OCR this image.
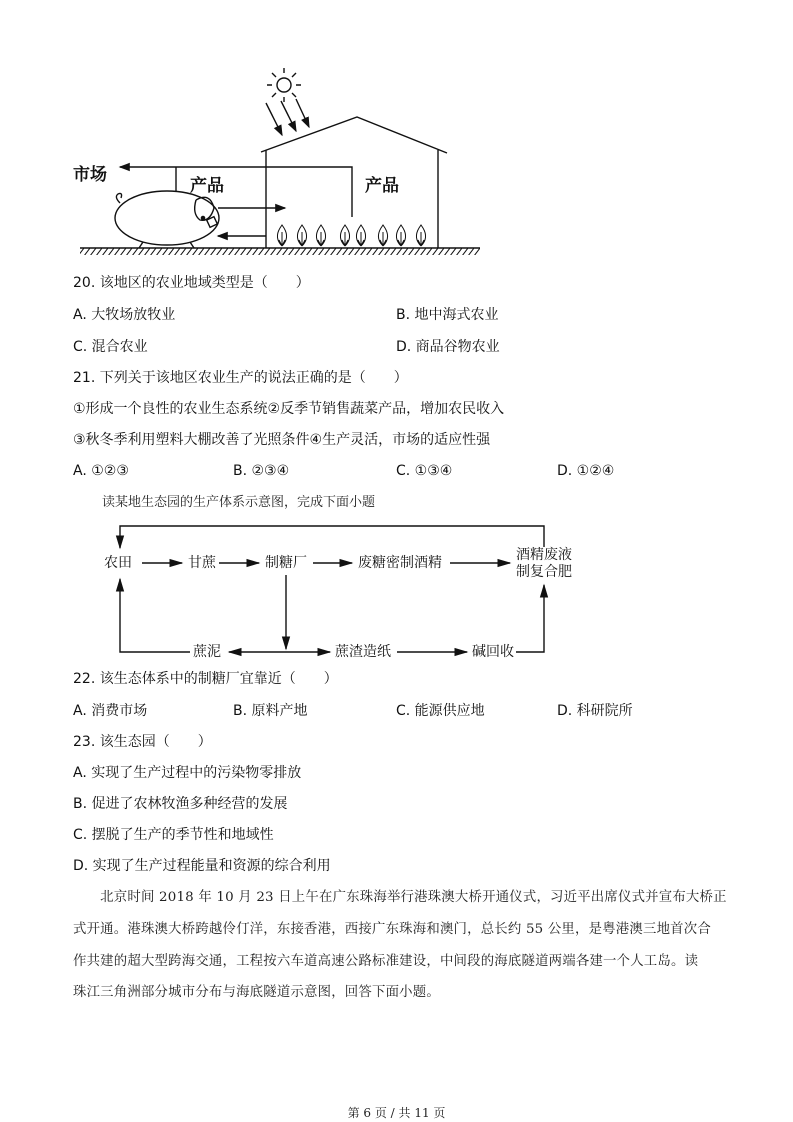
市场
产品	产品
20. 该地区的农业地域类型是（　　）
A. 大牧场放牧业	B. 地中海式农业
C. 混合农业	D. 商品谷物农业
21. 下列关于该地区农业生产的说法正确的是（　　）
①形成一个良性的农业生态系统②反季节销售蔬菜产品，增加农民收入
③秋冬季利用塑料大棚改善了光照条件④生产灵活，市场的适应性强
A. ①②③	B. ②③④	C. ①③④	D. ①②④
读某地生态园的生产体系示意图，完成下面小题
农田	甘蔗	制糖厂	废糖密制酒精	酒精废液
制复合肥
蔗泥	蔗渣造纸	碱回收
22. 该生态体系中的制糖厂宜靠近（　　）
A. 消费市场	B. 原料产地	C. 能源供应地	D. 科研院所
23. 该生态园（　　）
A. 实现了生产过程中的污染物零排放
B. 促进了农林牧渔多种经营的发展
C. 摆脱了生产的季节性和地域性
D. 实现了生产过程能量和资源的综合利用
　　北京时间 2018 年 10 月 23 日上午在广东珠海举行港珠澳大桥开通仪式，习近平出席仪式并宣布大桥正
式开通。港珠澳大桥跨越伶仃洋，东接香港，西接广东珠海和澳门，总长约 55 公里，是粤港澳三地首次合
作共建的超大型跨海交通，工程按六车道高速公路标准建设，中间段的海底隧道两端各建一个人工岛。读
珠江三角洲部分城市分布与海底隧道示意图，回答下面小题。
第 6 页 / 共 11 页
